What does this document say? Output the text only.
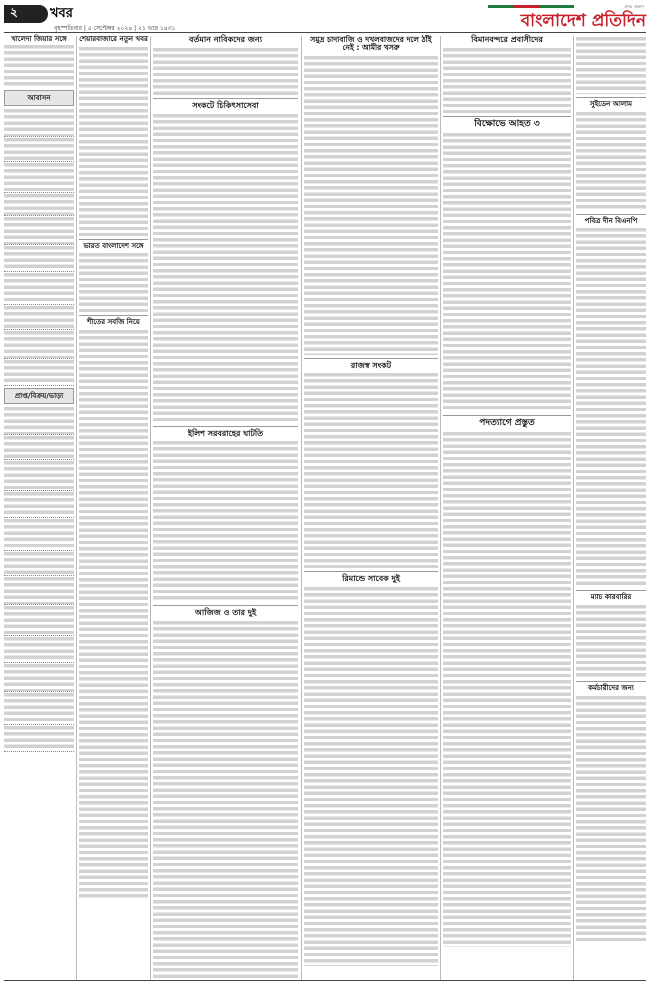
২	খবর
বৃহস্পতিবার | ৫ সেপ্টেম্বর ২০২৪ | ২১ ভাদ্র ১৪৩১
প্রথম প্রকাশ
বাংলাদেশ প্রতিদিন
খালেদা জিয়ার সঙ্গে
আবাসন
প্রাপ্ত/বিক্রয়/ভাড়া
শেয়ারবাজারে নতুন খবর
ভারত বাংলাদেশ সঙ্গে
শীতের সবজি নিয়ে
বর্তমান নাবিকদের জন্য
সংকটে চিকিৎসাসেবা
ইলিশ সরবরাহের ঘাটতি
আজিজ ও তার দুই
সমুদ্র চাদাবাজি ও দখলবাজদের দলে ঠাঁই নেই : আমীর খসরু
রাজস্ব সংকট
রিমান্ডে সাবেক দুই
বিমানবন্দরে প্রবাসীদের
বিক্ষোভে আহত ৩
পদত্যাগে প্রস্তুত
সুইডেন আলাম
পবিত্র দীন বিএনপি
ম্যাচ কারবারির
কর্মচারীদের জন্য
